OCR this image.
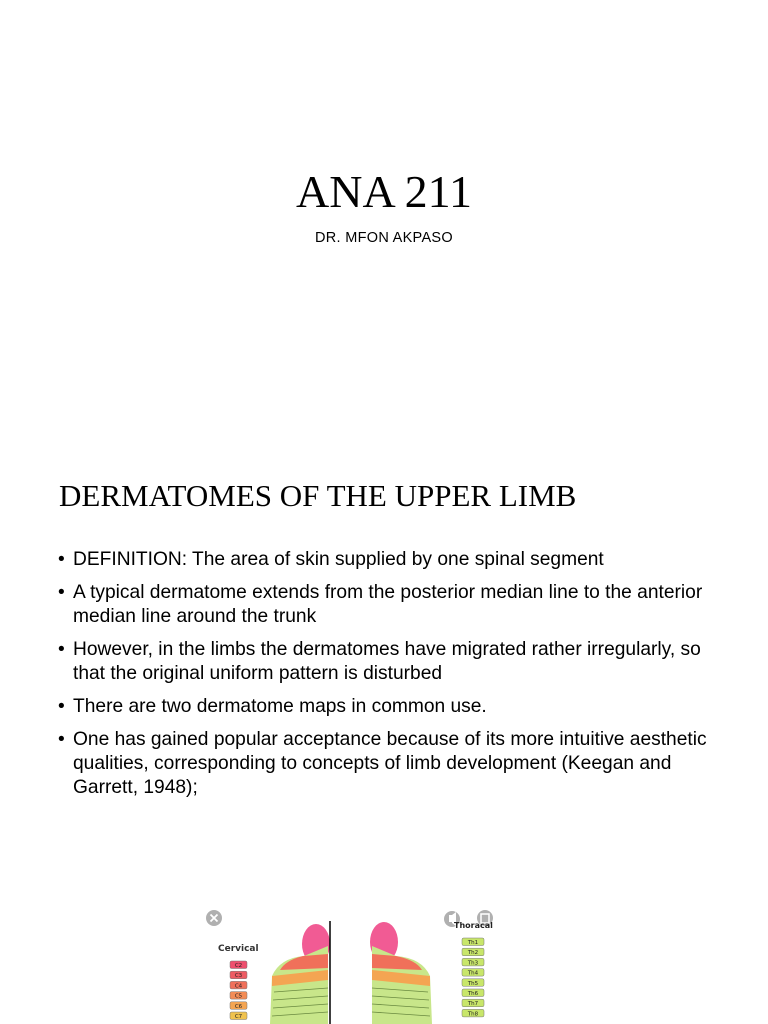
ANA 211
DR. MFON AKPASO
DERMATOMES OF THE UPPER LIMB
• DEFINITION: The area of skin supplied by one spinal segment
• A typical dermatome extends from the posterior median line to the anterior median line around the trunk
• However, in the limbs the dermatomes have migrated rather irregularly, so that the original uniform pattern is disturbed
• There are two dermatome maps in common use.
• One has gained popular acceptance because of its more intuitive aesthetic qualities, corresponding to concepts of limb development (Keegan and Garrett, 1948);
Cervical
Thoracal
C2
C3
C4
C5
C6
C7
Th1
Th2
Th3
Th4
Th5
Th6
Th7
Th8
